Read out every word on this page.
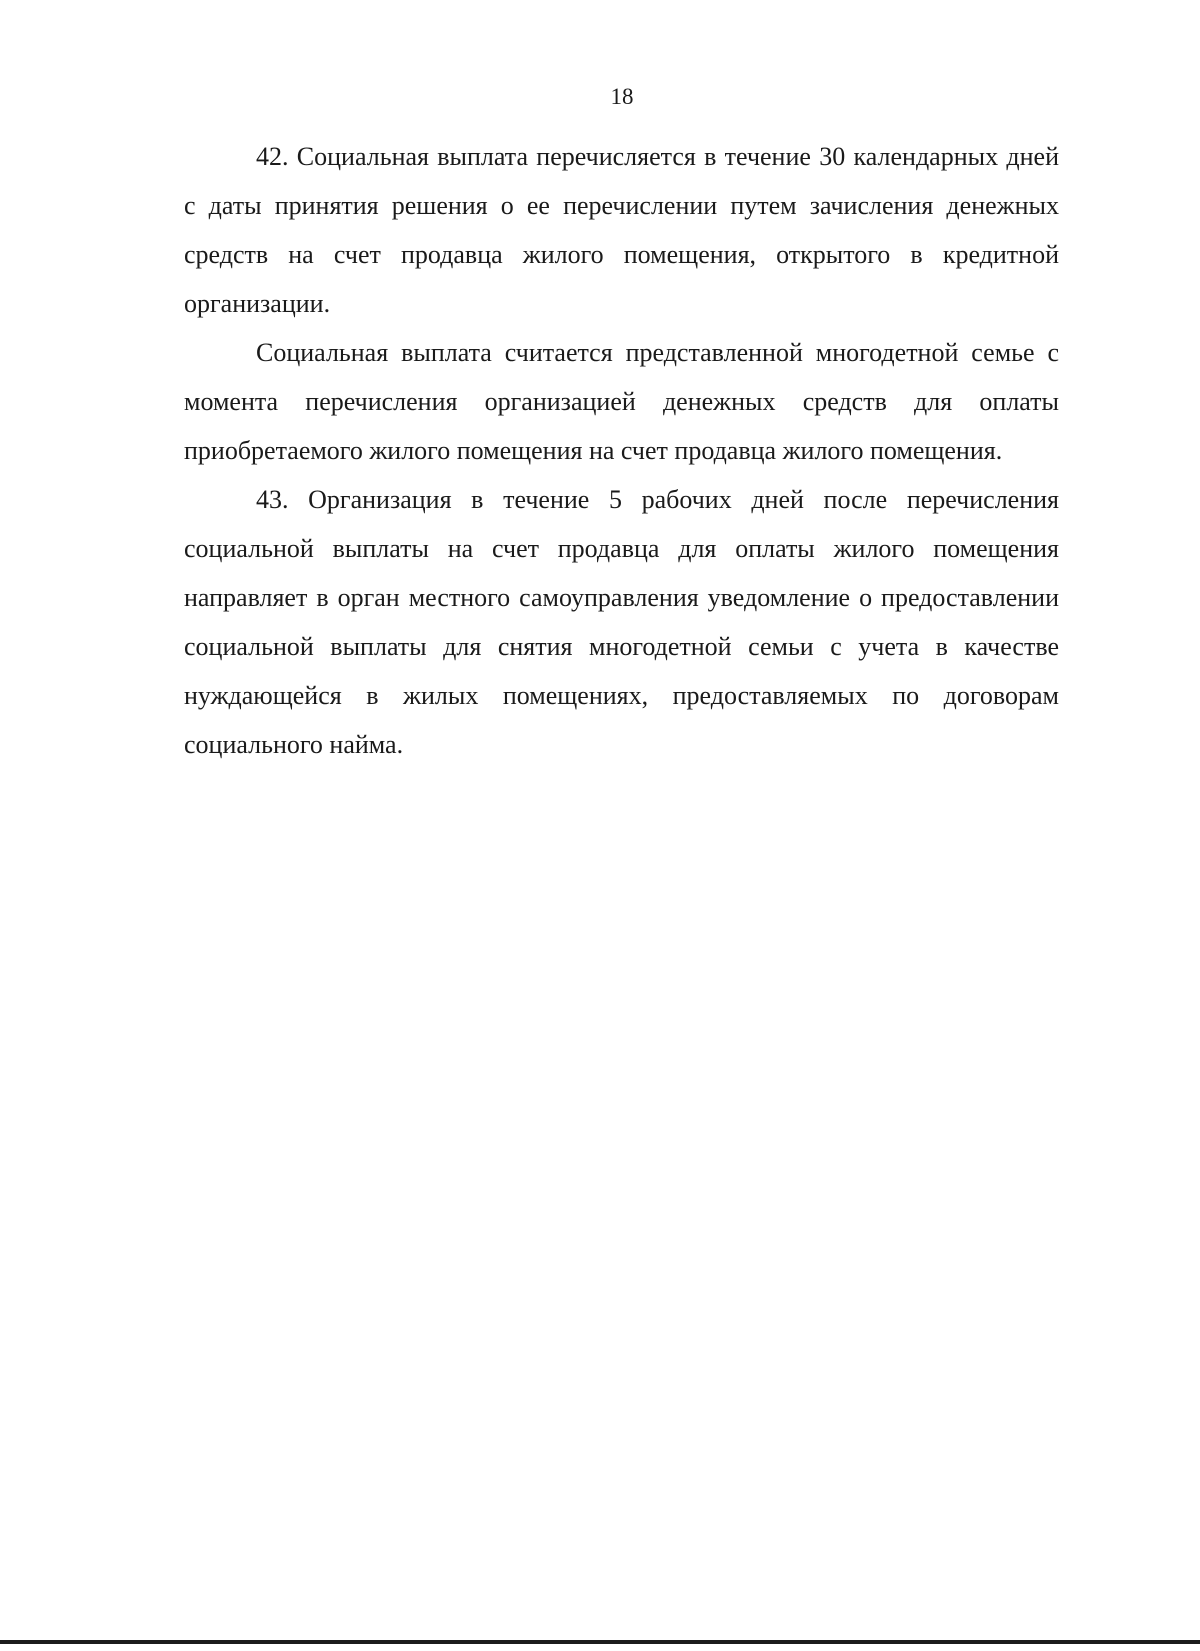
18

42. Социальная выплата перечисляется в течение 30 календарных дней с даты принятия решения о ее перечислении путем зачисления денежных средств на счет продавца жилого помещения, открытого в кредитной организации.

Социальная выплата считается представленной многодетной семье с момента перечисления организацией денежных средств для оплаты приобретаемого жилого помещения на счет продавца жилого помещения.

43. Организация в течение 5 рабочих дней после перечисления социальной выплаты на счет продавца для оплаты жилого помещения направляет в орган местного самоуправления уведомление о предоставлении социальной выплаты для снятия многодетной семьи с учета в качестве нуждающейся в жилых помещениях, предоставляемых по договорам социального найма.
